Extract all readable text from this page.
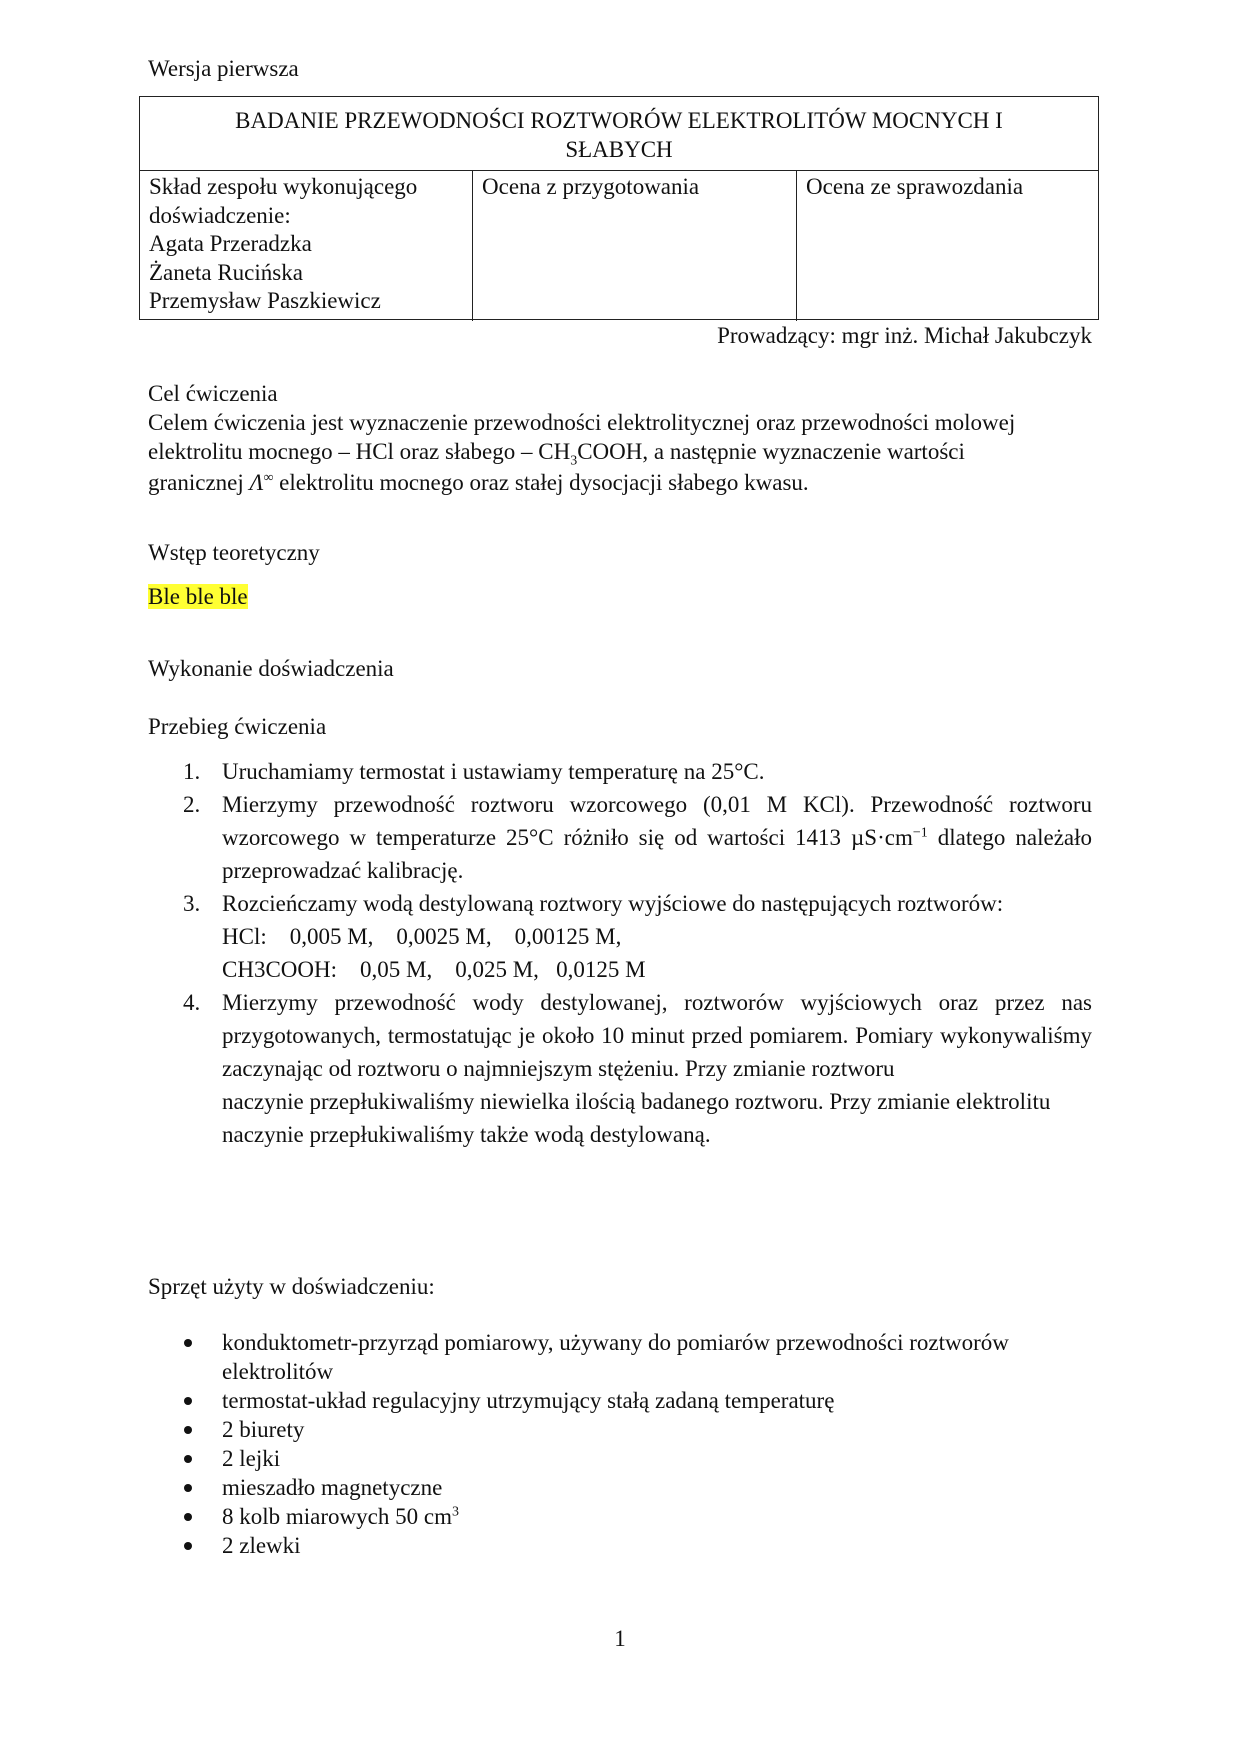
Wersja pierwsza
BADANIE PRZEWODNOŚCI ROZTWORÓW ELEKTROLITÓW MOCNYCH I
SŁABYCH
Skład zespołu wykonującego
doświadczenie:
Agata Przeradzka
Żaneta Rucińska
Przemysław Paszkiewicz
Ocena z przygotowania	Ocena ze sprawozdania
Prowadzący: mgr inż. Michał Jakubczyk
Cel ćwiczenia
Celem ćwiczenia jest wyznaczenie przewodności elektrolitycznej oraz przewodności molowej
elektrolitu mocnego – HCl oraz słabego – $CH_3COOH$, a następnie wyznaczenie wartości
granicznej Λ∞ elektrolitu mocnego oraz stałej dysocjacji słabego kwasu.
Wstęp teoretyczny
Ble ble ble
Wykonanie doświadczenia
Przebieg ćwiczenia
1. Uruchamiamy termostat i ustawiamy temperaturę na 25°C.
2. Mierzymy przewodność roztworu wzorcowego (0,01 M KCl). Przewodność roztworu wzorcowego w temperaturze 25°C różniło się od wartości 1413 $\mu S\cdot cm^{-1}$ dlatego należało przeprowadzać kalibrację.
3. Rozcieńczamy wodą destylowaną roztwory wyjściowe do następujących roztworów:
HCl:    0,005 M,    0,0025 M,    0,00125 M,
CH3COOH:    0,05 M,    0,025 M,   0,0125 M
4. Mierzymy przewodność wody destylowanej, roztworów wyjściowych oraz przez nas przygotowanych, termostatując je około 10 minut przed pomiarem. Pomiary wykonywaliśmy zaczynając od roztworu o najmniejszym stężeniu. Przy zmianie roztworu
naczynie przepłukiwaliśmy niewielka ilością badanego roztworu. Przy zmianie elektrolitu
naczynie przepłukiwaliśmy także wodą destylowaną.
Sprzęt użyty w doświadczeniu:
konduktometr-przyrząd pomiarowy, używany do pomiarów przewodności roztworów elektrolitów
termostat-układ regulacyjny utrzymujący stałą zadaną temperaturę
2 biurety
2 lejki
mieszadło magnetyczne
8 kolb miarowych 50 $cm^3$
2 zlewki
1
